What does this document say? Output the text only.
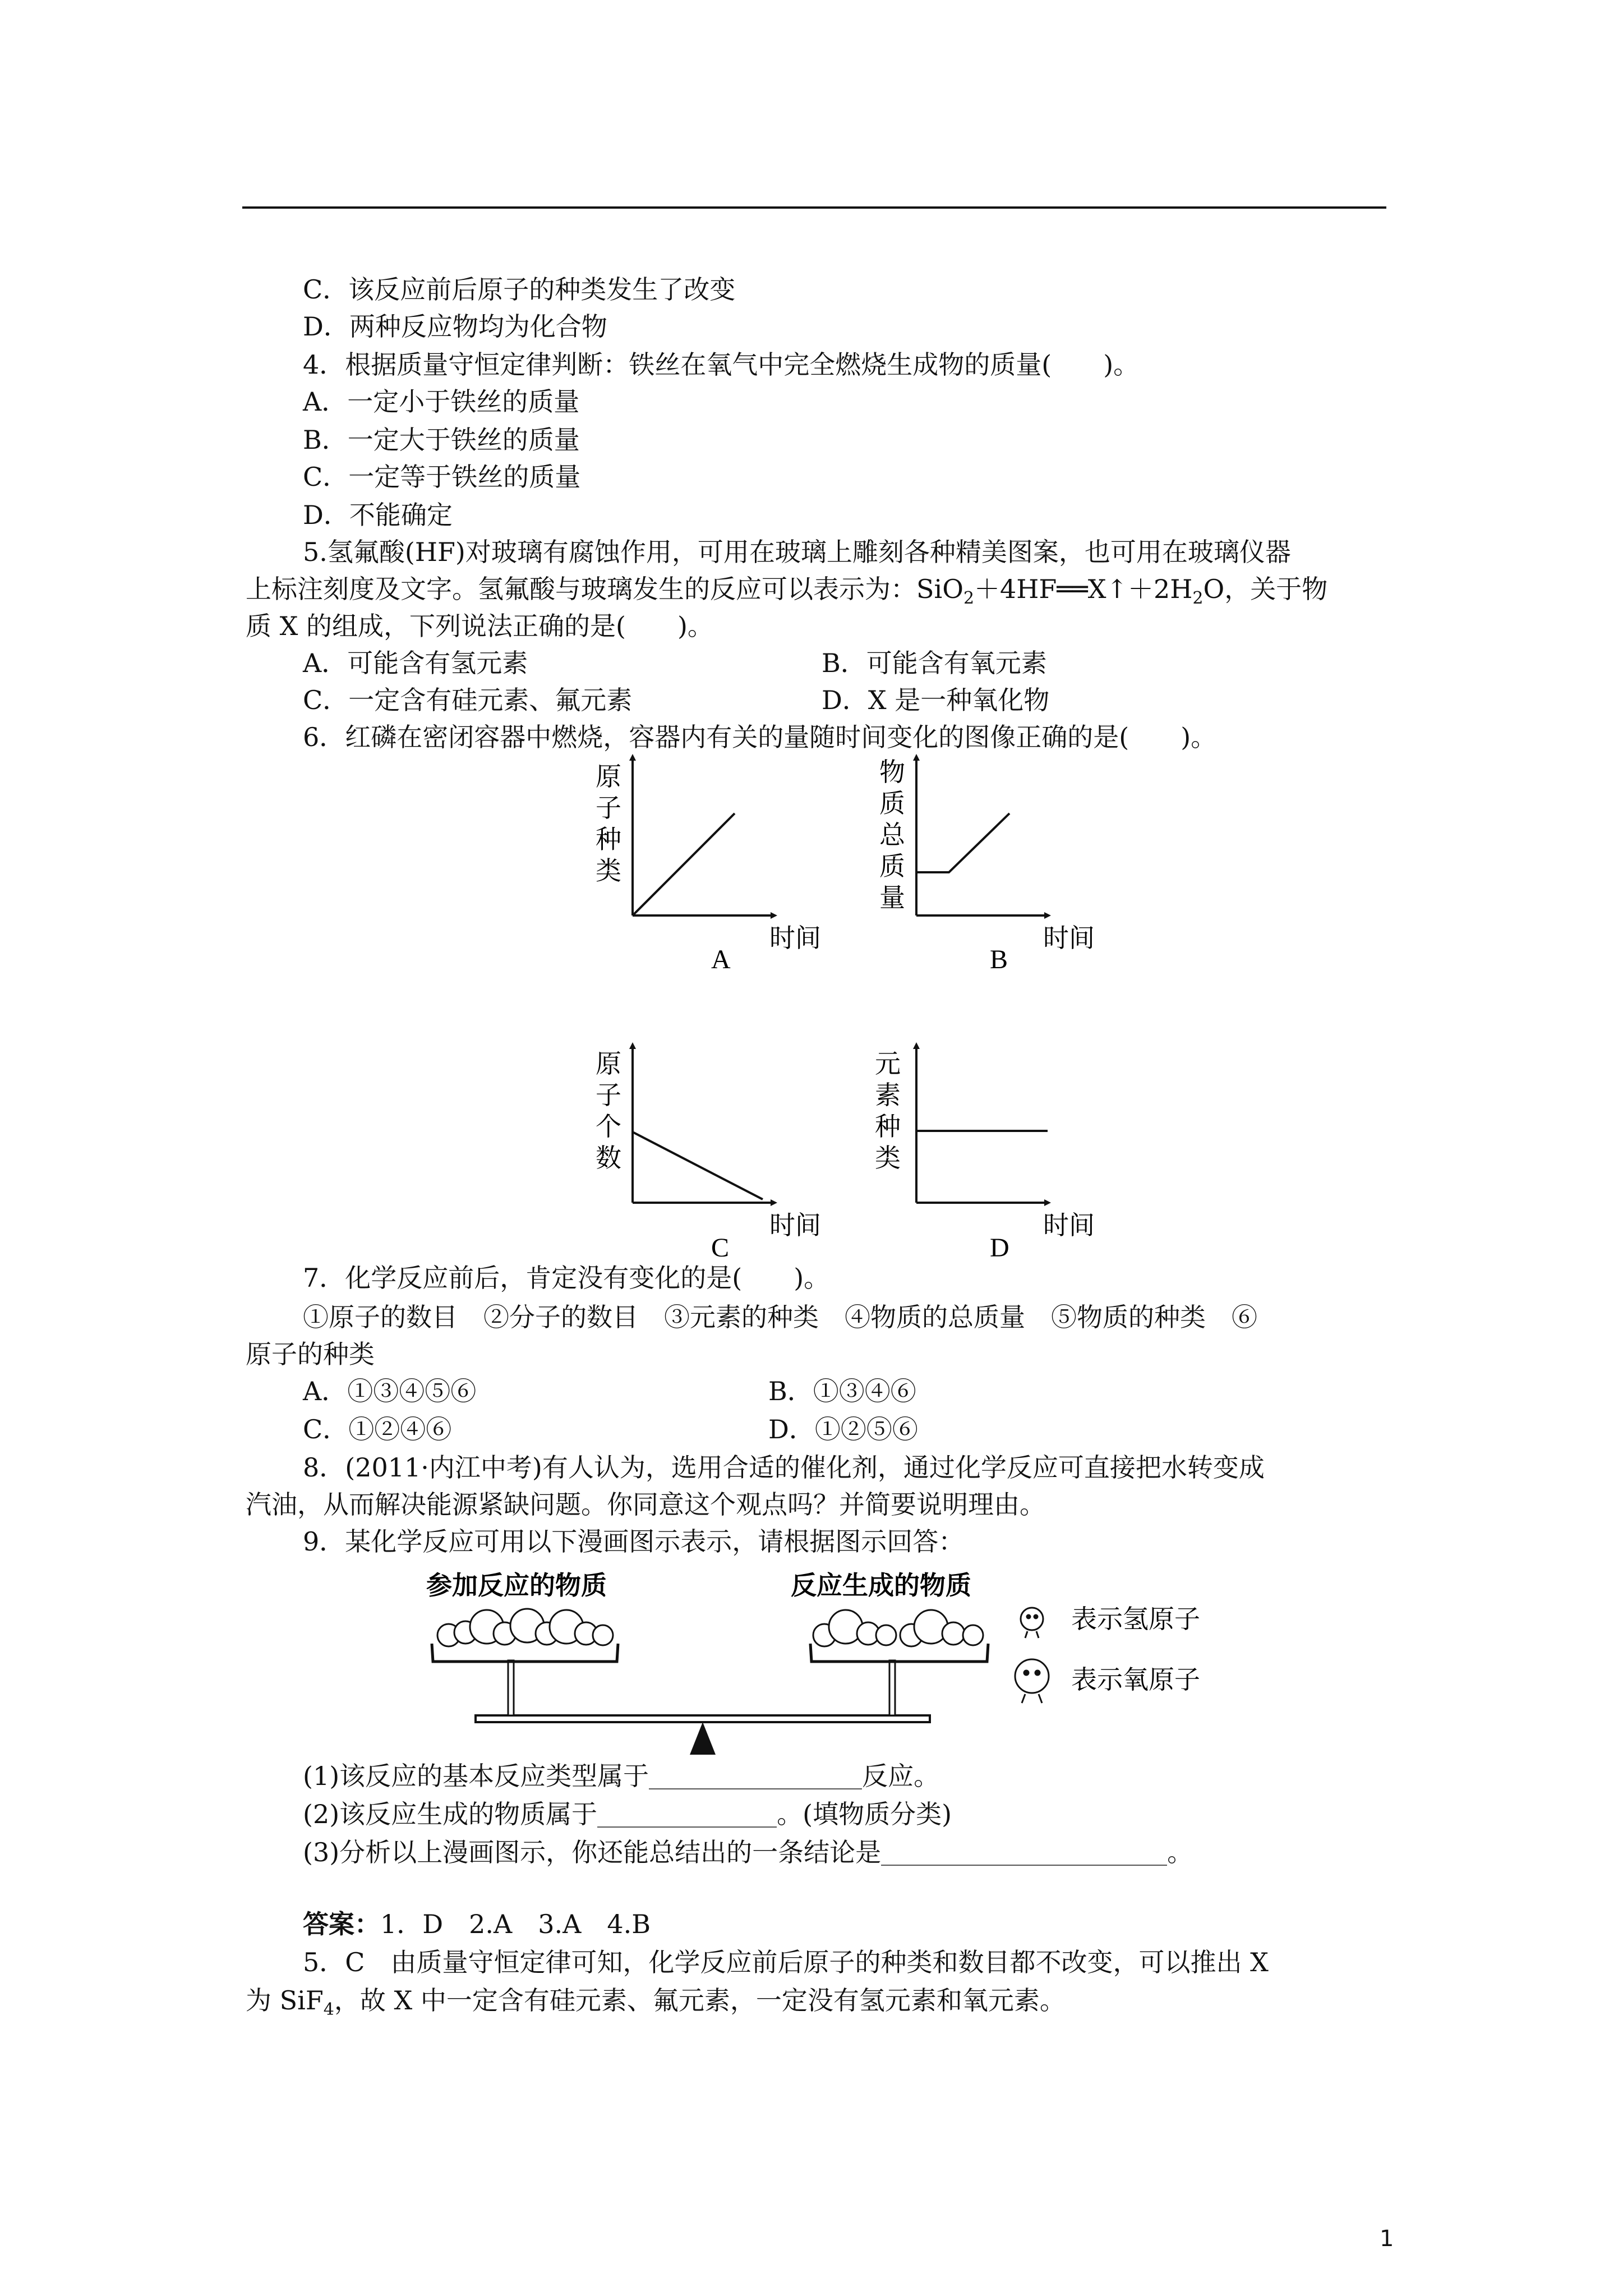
C．该反应前后原子的种类发生了改变
D．两种反应物均为化合物
4．根据质量守恒定律判断：铁丝在氧气中完全燃烧生成物的质量(　　)。
A．一定小于铁丝的质量
B．一定大于铁丝的质量
C．一定等于铁丝的质量
D．不能确定
5.氢氟酸(HF)对玻璃有腐蚀作用，可用在玻璃上雕刻各种精美图案，也可用在玻璃仪器
上标注刻度及文字。氢氟酸与玻璃发生的反应可以表示为：$SiO_2+4HF══X↑+2H_2O$，关于物
质 X 的组成，下列说法正确的是(　　)。
A．可能含有氢元素	B．可能含有氧元素
C．一定含有硅元素、氟元素	D．X 是一种氧化物
6．红磷在密闭容器中燃烧，容器内有关的量随时间变化的图像正确的是(　　)。
原
子
种
类
时间
A
物
质
总
质
量
时间
B
原
子
个
数
时间
C
元
素
种
类
时间
D
参加反应的物质	反应生成的物质
表示氢原子
表示氧原子
7．化学反应前后，肯定没有变化的是(　　)。
①原子的数目　②分子的数目　③元素的种类　④物质的总质量　⑤物质的种类　⑥
原子的种类
A．①③④⑤⑥	B．①③④⑥
C．①②④⑥	D．①②⑤⑥
8．(2011·内江中考)有人认为，选用合适的催化剂，通过化学反应可直接把水转变成
汽油，从而解决能源紧缺问题。你同意这个观点吗？并简要说明理由。
9．某化学反应可用以下漫画图示表示，请根据图示回答：
(1)该反应的基本反应类型属于	反应。
(2)该反应生成的物质属于	。(填物质分类)
(3)分析以上漫画图示，你还能总结出的一条结论是	。
答案：1．D　2.A　3.A　4.B
5．C　由质量守恒定律可知，化学反应前后原子的种类和数目都不改变，可以推出 X
为 SiF$_4$，故 X 中一定含有硅元素、氟元素，一定没有氢元素和氧元素。
1
